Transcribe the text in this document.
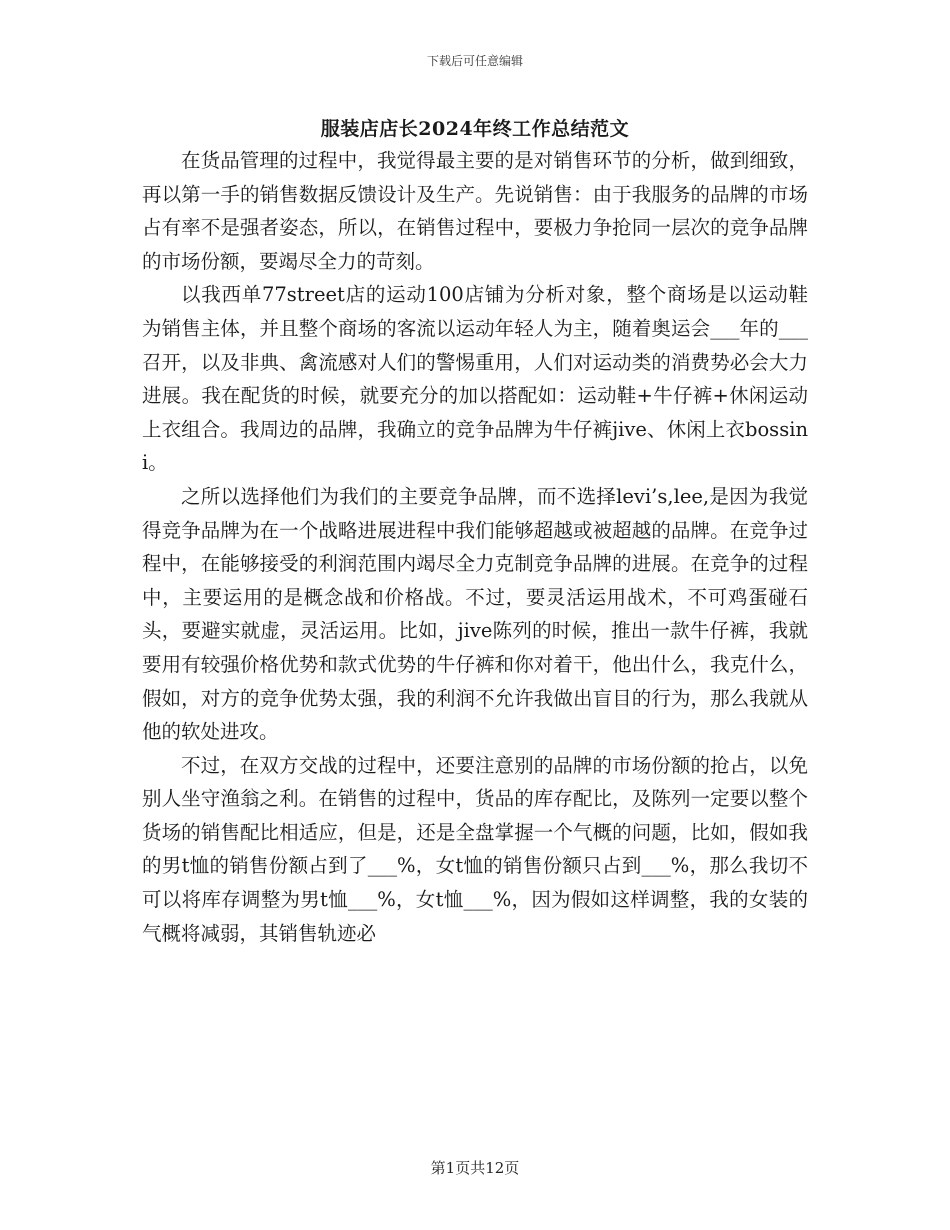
下载后可任意编辑
服装店店长2024年终工作总结范文

在货品管理的过程中，我觉得最主要的是对销售环节的分析，做到细致，再以第一手的销售数据反馈设计及生产。先说销售：由于我服务的品牌的市场占有率不是强者姿态，所以，在销售过程中，要极力争抢同一层次的竞争品牌的市场份额，要竭尽全力的苛刻。

以我西单77street店的运动100店铺为分析对象，整个商场是以运动鞋为销售主体，并且整个商场的客流以运动年轻人为主，随着奥运会___年的___召开，以及非典、禽流感对人们的警惕重用，人们对运动类的消费势必会大力进展。我在配货的时候，就要充分的加以搭配如：运动鞋+牛仔裤+休闲运动上衣组合。我周边的品牌，我确立的竞争品牌为牛仔裤jive、休闲上衣bossini。

之所以选择他们为我们的主要竞争品牌，而不选择levi’s,lee,是因为我觉得竞争品牌为在一个战略进展进程中我们能够超越或被超越的品牌。在竞争过程中，在能够接受的利润范围内竭尽全力克制竞争品牌的进展。在竞争的过程中，主要运用的是概念战和价格战。不过，要灵活运用战术，不可鸡蛋碰石头，要避实就虚，灵活运用。比如，jive陈列的时候，推出一款牛仔裤，我就要用有较强价格优势和款式优势的牛仔裤和你对着干，他出什么，我克什么，假如，对方的竞争优势太强，我的利润不允许我做出盲目的行为，那么我就从他的软处进攻。

不过，在双方交战的过程中，还要注意别的品牌的市场份额的抢占，以免别人坐守渔翁之利。在销售的过程中，货品的库存配比，及陈列一定要以整个货场的销售配比相适应，但是，还是全盘掌握一个气概的问题，比如，假如我的男t恤的销售份额占到了___%，女t恤的销售份额只占到___%，那么我切不可以将库存调整为男t恤___%，女t恤___%，因为假如这样调整，我的女装的气概将减弱，其销售轨迹必

第1页共12页
